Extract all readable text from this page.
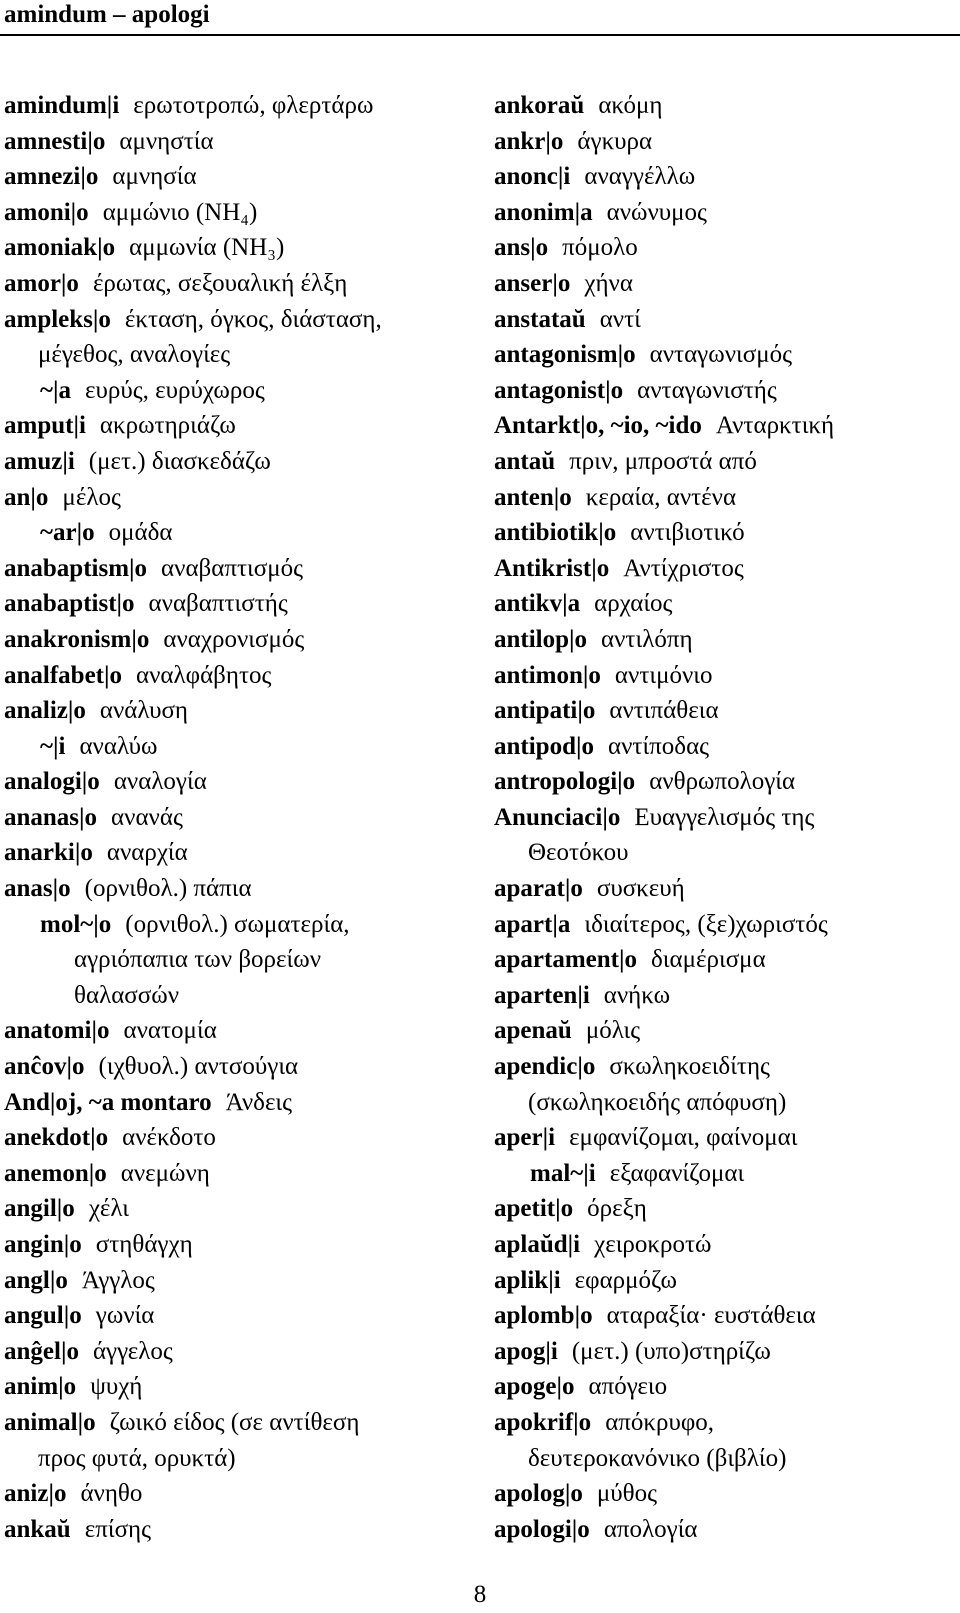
amindum – apologi
amindum|i ερωτοτροπώ, φλερτάρω
amnesti|o αμνηστία
amnezi|o αμνησία
amoni|o αμμώνιο (NH₄)
amoniak|o αμμωνία (NH₃)
amor|o έρωτας, σεξουαλική έλξη
ampleks|o έκταση, όγκος, διάσταση,
μέγεθος, αναλογίες
~|a ευρύς, ευρύχωρος
amput|i ακρωτηριάζω
amuz|i (μετ.) διασκεδάζω
an|o μέλος
~ar|o ομάδα
anabaptism|o αναβαπτισμός
anabaptist|o αναβαπτιστής
anakronism|o αναχρονισμός
analfabet|o αναλφάβητος
analiz|o ανάλυση
~|i αναλύω
analogi|o αναλογία
ananas|o ανανάς
anarki|o αναρχία
anas|o (ορνιθολ.) πάπια
mol~|o (ορνιθολ.) σωματερία,
αγριόπαπια των βορείων
θαλασσών
anatomi|o ανατομία
anĉov|o (ιχθυολ.) αντσούγια
And|oj, ~a montaro Άνδεις
anekdot|o ανέκδοτο
anemon|o ανεμώνη
angil|o χέλι
angin|o στηθάγχη
angl|o Άγγλος
angul|o γωνία
anĝel|o άγγελος
anim|o ψυχή
animal|o ζωικό είδος (σε αντίθεση
προς φυτά, ορυκτά)
aniz|o άνηθο
ankaŭ επίσης
ankoraŭ ακόμη
ankr|o άγκυρα
anonc|i αναγγέλλω
anonim|a ανώνυμος
ans|o πόμολο
anser|o χήνα
anstataŭ αντί
antagonism|o ανταγωνισμός
antagonist|o ανταγωνιστής
Antarkt|o, ~io, ~ido Ανταρκτική
antaŭ πριν, μπροστά από
anten|o κεραία, αντένα
antibiotik|o αντιβιοτικό
Antikrist|o Αντίχριστος
antikv|a αρχαίος
antilop|o αντιλόπη
antimon|o αντιμόνιο
antipati|o αντιπάθεια
antipod|o αντίποδας
antropologi|o ανθρωπολογία
Anunciaci|o Ευαγγελισμός της
Θεοτόκου
aparat|o συσκευή
apart|a ιδιαίτερος, (ξε)χωριστός
apartament|o διαμέρισμα
aparten|i ανήκω
apenaŭ μόλις
apendic|o σκωληκοειδίτης
(σκωληκοειδής απόφυση)
aper|i εμφανίζομαι, φαίνομαι
mal~|i εξαφανίζομαι
apetit|o όρεξη
aplaŭd|i χειροκροτώ
aplik|i εφαρμόζω
aplomb|o αταραξία· ευστάθεια
apog|i (μετ.) (υπο)στηρίζω
apoge|o απόγειο
apokrif|o απόκρυφο,
δευτεροκανόνικο (βιβλίο)
apolog|o μύθος
apologi|o απολογία
8
